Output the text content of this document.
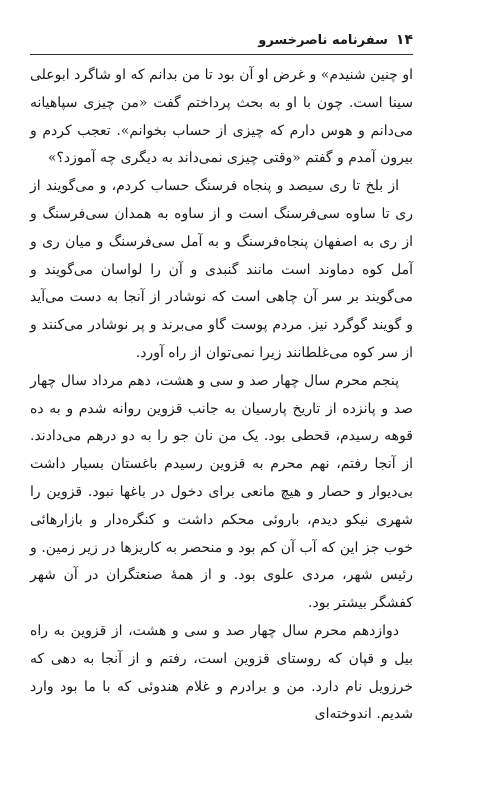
۱۴
سفرنامه ناصرخسرو

او چنین شنیدم» و غرض او آن بود تا من بدانم که او شاگرد ابوعلی سینا است. چون با او به بحث پرداختم گفت «من چیزی سپاهیانه می‌دانم و هوس دارم که چیزی از حساب بخوانم». تعجب کردم و بیرون آمدم و گفتم «وقتی چیزی نمی‌داند به دیگری چه آموزد؟»

از بلخ تا ری سیصد و پنجاه فرسنگ حساب کردم، و می‌گویند از ری تا ساوه سی‌فرسنگ است و از ساوه به همدان سی‌فرسنگ و از ری به اصفهان پنجاه‌فرسنگ و به آمل سی‌فرسنگ و میان ری و آمل کوه دماوند است مانند گنبدی و آن را لواسان می‌گویند و می‌گویند بر سر آن چاهی است که نوشادر از آنجا به دست می‌آید و گویند گوگرد نیز. مردم پوست گاو می‌برند و پر نوشادر می‌کنند و از سر کوه می‌غلطانند زیرا نمی‌توان از راه آورد.

پنجم محرم سال چهار صد و سی و هشت، دهم مرداد سال چهار صد و پانزده از تاریخ پارسیان به جانب قزوین روانه شدم و به ده قوهه رسیدم، قحطی بود. یک من نان جو را به دو درهم می‌دادند. از آنجا رفتم، نهم محرم به قزوین رسیدم باغستان بسیار داشت بی‌دیوار و حصار و هیچ مانعی برای دخول در باغها نبود. قزوین را شهری نیکو دیدم، باروئی محکم داشت و کنگره‌دار و بازارهائی خوب جز این که آب آن کم بود و منحصر به کاریزها در زیر زمین. و رئیس شهر، مردی علوی بود. و از همهٔ صنعتگران در آن شهر کفشگر بیشتر بود.

دوازدهم محرم سال چهار صد و سی و هشت، از قزوین به راه بیل و قپان که روستای قزوین است، رفتم و از آنجا به دهی که خرزویل نام دارد. من و برادرم و غلام هندوئی که با ما بود وارد شدیم. اندوخته‌ای
